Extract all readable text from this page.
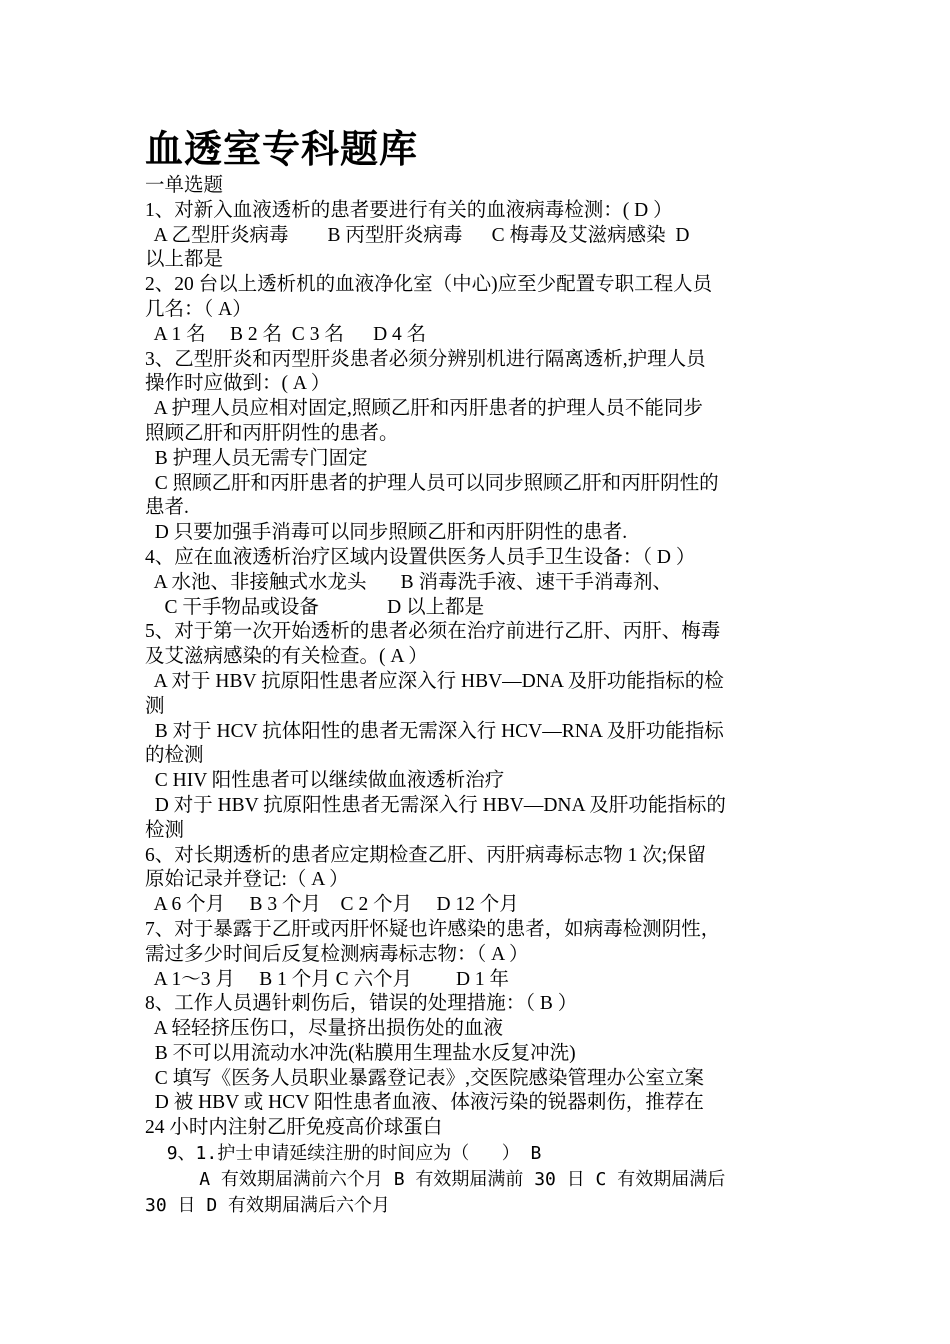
血透室专科题库
一单选题
1、对新入血液透析的患者要进行有关的血液病毒检测：( D ）
A 乙型肝炎病毒        B 丙型肝炎病毒      C 梅毒及艾滋病感染  D
以上都是
2、20 台以上透析机的血液净化室（中心)应至少配置专职工程人员
几名：（ A）
A 1 名     B 2 名  C 3 名      D 4 名
3、乙型肝炎和丙型肝炎患者必须分辨别机进行隔离透析,护理人员
操作时应做到：( A ）
A 护理人员应相对固定,照顾乙肝和丙肝患者的护理人员不能同步
照顾乙肝和丙肝阴性的患者。
B 护理人员无需专门固定
C 照顾乙肝和丙肝患者的护理人员可以同步照顾乙肝和丙肝阴性的
患者.
D 只要加强手消毒可以同步照顾乙肝和丙肝阴性的患者.
4、应在血液透析治疗区域内设置供医务人员手卫生设备：（ D ）
A 水池、非接触式水龙头       B 消毒洗手液、速干手消毒剂、
C 干手物品或设备              D 以上都是
5、对于第一次开始透析的患者必须在治疗前进行乙肝、丙肝、梅毒
及艾滋病感染的有关检查。( A ）
A 对于 HBV 抗原阳性患者应深入行 HBV—DNA 及肝功能指标的检
测
B 对于 HCV 抗体阳性的患者无需深入行 HCV—RNA 及肝功能指标
的检测
C HIV 阳性患者可以继续做血液透析治疗
D 对于 HBV 抗原阳性患者无需深入行 HBV—DNA 及肝功能指标的
检测
6、对长期透析的患者应定期检查乙肝、丙肝病毒标志物 1 次;保留
原始记录并登记:（ A ）
A 6 个月     B 3 个月    C 2 个月     D 12 个月
7、对于暴露于乙肝或丙肝怀疑也许感染的患者，如病毒检测阴性，
需过多少时间后反复检测病毒标志物：（ A ）
A 1～3 月     B 1 个月 C 六个月         D 1 年
8、工作人员遇针刺伤后，错误的处理措施：（ B ）
A 轻轻挤压伤口，尽量挤出损伤处的血液
B 不可以用流动水冲洗(粘膜用生理盐水反复冲洗)
C 填写《医务人员职业暴露登记表》,交医院感染管理办公室立案
D 被 HBV 或 HCV 阳性患者血液、体液污染的锐器刺伤，推荐在
24 小时内注射乙肝免疫高价球蛋白
9、1.护士申请延续注册的时间应为（   ） B
A 有效期届满前六个月 B 有效期届满前 30 日 C 有效期届满后
30 日 D 有效期届满后六个月
